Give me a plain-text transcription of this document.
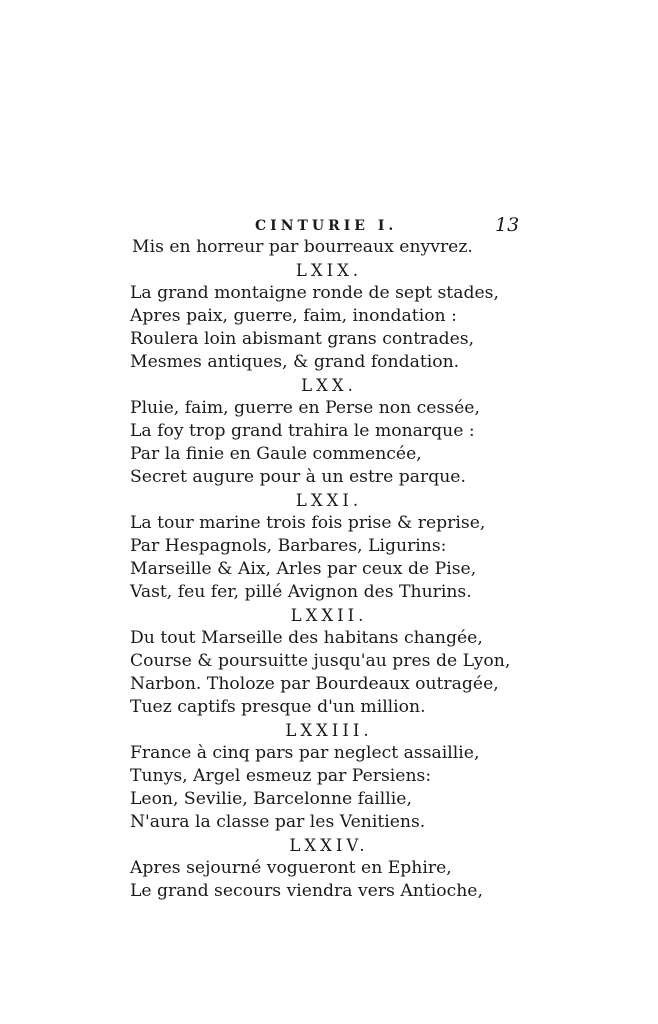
CINTURIE I.	13
Mis en horreur par bourreaux enyvrez.
LXIX.
La grand montaigne ronde de sept stades,
Apres paix, guerre, faim, inondation :
Roulera loin abismant grans contrades,
Mesmes antiques, & grand fondation.
LXX.
Pluie, faim, guerre en Perse non cessée,
La foy trop grand trahira le monarque :
Par la finie en Gaule commencée,
Secret augure pour à un estre parque.
LXXI.
La tour marine trois fois prise & reprise,
Par Hespagnols, Barbares, Ligurins:
Marseille & Aix, Arles par ceux de Pise,
Vast, feu fer, pillé Avignon des Thurins.
LXXII.
Du tout Marseille des habitans changée,
Course & poursuitte jusqu'au pres de Lyon,
Narbon. Tholoze par Bourdeaux outragée,
Tuez captifs presque d'un million.
LXXIII.
France à cinq pars par neglect assaillie,
Tunys, Argel esmeuz par Persiens:
Leon, Sevilie, Barcelonne faillie,
N'aura la classe par les Venitiens.
LXXIV.
Apres sejourné vogueront en Ephire,
Le grand secours viendra vers Antioche,
